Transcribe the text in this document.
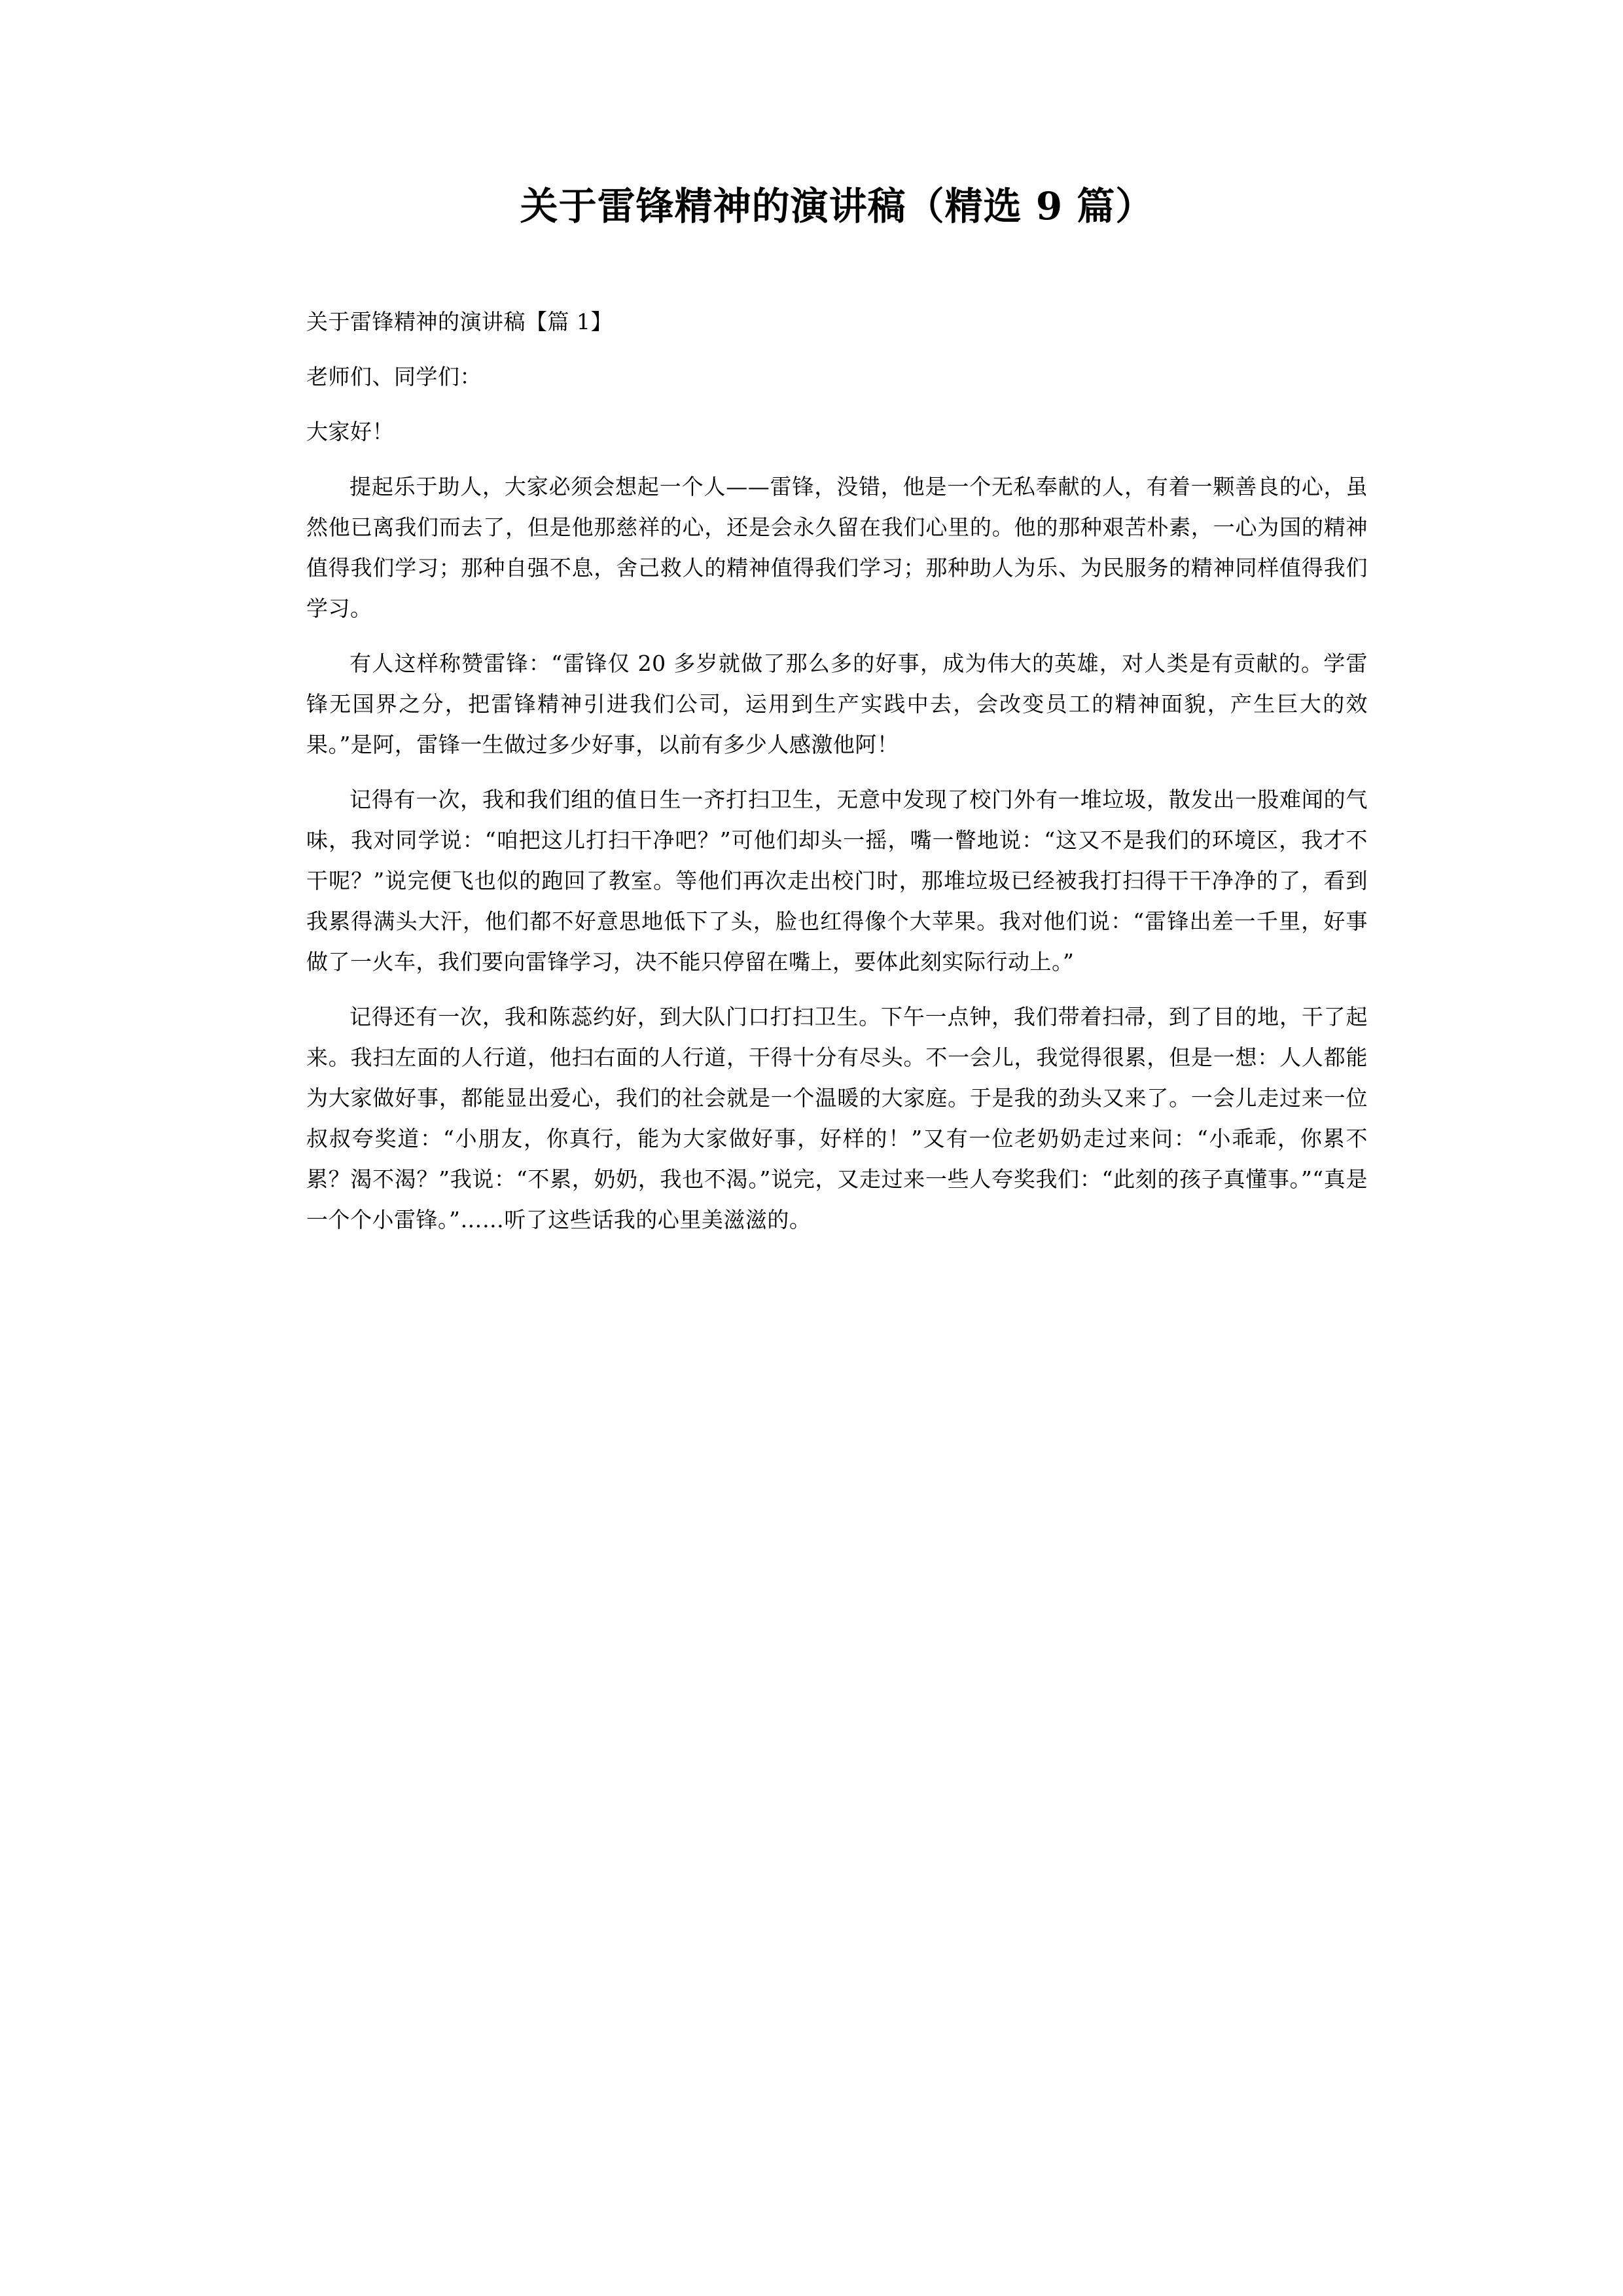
关于雷锋精神的演讲稿（精选 9 篇）

关于雷锋精神的演讲稿【篇 1】

老师们、同学们：

大家好！

提起乐于助人，大家必须会想起一个人——雷锋，没错，他是一个无私奉献的人，有着一颗善良的心，虽然他已离我们而去了，但是他那慈祥的心，还是会永久留在我们心里的。他的那种艰苦朴素，一心为国的精神值得我们学习；那种自强不息，舍己救人的精神值得我们学习；那种助人为乐、为民服务的精神同样值得我们学习。

有人这样称赞雷锋：“雷锋仅 20 多岁就做了那么多的好事，成为伟大的英雄，对人类是有贡献的。学雷锋无国界之分，把雷锋精神引进我们公司，运用到生产实践中去，会改变员工的精神面貌，产生巨大的效果。”是阿，雷锋一生做过多少好事，以前有多少人感激他阿！

记得有一次，我和我们组的值日生一齐打扫卫生，无意中发现了校门外有一堆垃圾，散发出一股难闻的气味，我对同学说：“咱把这儿打扫干净吧？”可他们却头一摇，嘴一瞥地说：“这又不是我们的环境区，我才不干呢？”说完便飞也似的跑回了教室。等他们再次走出校门时，那堆垃圾已经被我打扫得干干净净的了，看到我累得满头大汗，他们都不好意思地低下了头，脸也红得像个大苹果。我对他们说：“雷锋出差一千里，好事做了一火车，我们要向雷锋学习，决不能只停留在嘴上，要体此刻实际行动上。”

记得还有一次，我和陈蕊约好，到大队门口打扫卫生。下午一点钟，我们带着扫帚，到了目的地，干了起来。我扫左面的人行道，他扫右面的人行道，干得十分有尽头。不一会儿，我觉得很累，但是一想：人人都能为大家做好事，都能显出爱心，我们的社会就是一个温暖的大家庭。于是我的劲头又来了。一会儿走过来一位叔叔夸奖道：“小朋友，你真行，能为大家做好事，好样的！”又有一位老奶奶走过来问：“小乖乖，你累不累？渴不渴？”我说：“不累，奶奶，我也不渴。”说完，又走过来一些人夸奖我们：“此刻的孩子真懂事。”“真是一个个小雷锋。”……听了这些话我的心里美滋滋的。
